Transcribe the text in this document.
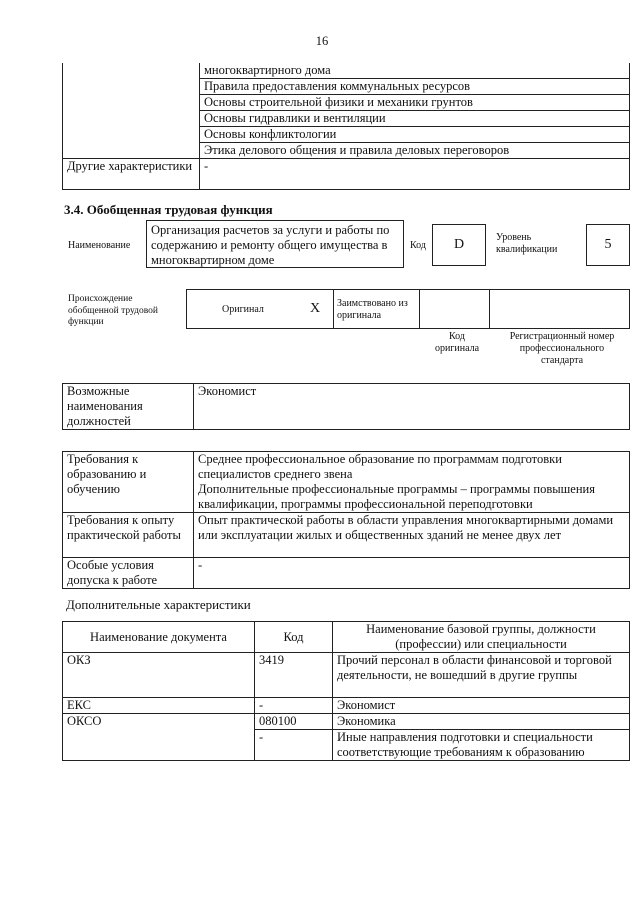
16
	многоквартирного дома
	Правила предоставления коммунальных ресурсов
	Основы строительной физики и механики грунтов
	Основы гидравлики и вентиляции
	Основы конфликтологии
	Этика делового общения и правила деловых переговоров
Другие характеристики	-
3.4. Обобщенная трудовая функция
Наименование
Организация расчетов за услуги и работы по содержанию и ремонту общего имущества в многоквартирном доме
Код	D	Уровень квалификации	5
Происхождение обобщенной трудовой функции
Оригинал	X Заимствовано из оригинала
Код оригинала
Регистрационный номер профессионального стандарта
Возможные наименования должностей	Экономист
Требования к образованию и обучению	Среднее профессиональное образование по программам подготовки специалистов среднего звена
Дополнительные профессиональные программы – программы повышения квалификации, программы профессиональной переподготовки
Требования к опыту практической работы	Опыт практической работы в области управления многоквартирными домами или эксплуатации жилых и общественных зданий не менее двух лет
Особые условия допуска к работе	-
Дополнительные характеристики
Наименование документа	Код	Наименование базовой группы, должности (профессии) или специальности
ОКЗ	3419	Прочий персонал в области финансовой и торговой деятельности, не вошедший в другие группы
ЕКС	-	Экономист
ОКСО	080100	Экономика
	-	Иные направления подготовки и специальности соответствующие требованиям к образованию
